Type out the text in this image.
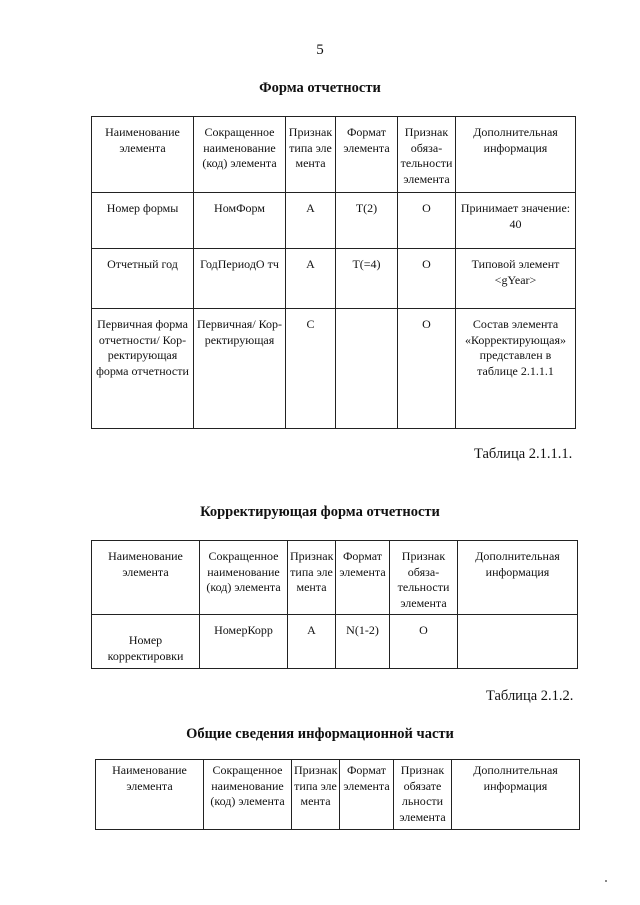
5
Форма отчетности
Наименование элемента	Сокращенное наименование (код) элемента	Признак типа эле мента	Формат элемента	Признак обяза- тельности элемента	Дополнительная информация
Номер формы	НомФорм	А	T(2)	О	Принимает значение: 40
Отчетный год	ГодПериодО тч	А	T(=4)	О	Типовой элемент <gYear>
Первичная форма отчетности/ Кор- ректирующая форма отчетности	Первичная/ Кор- ректирующая	С		О	Состав элемента «Корректирующая» представлен в таблице 2.1.1.1
Таблица 2.1.1.1.
Корректирующая форма отчетности
Наименование элемента	Сокращенное наименование (код) элемента	Признак типа эле мента	Формат элемента	Признак обяза- тельности элемента	Дополнительная информация
Номер корректировки	НомерКорр	А	N(1-2)	О	
Таблица 2.1.2.
Общие сведения информационной части
Наименование элемента	Сокращенное наименование (код) элемента	Признак типа эле мента	Формат элемента	Признак обязате льности элемента	Дополнительная информация
